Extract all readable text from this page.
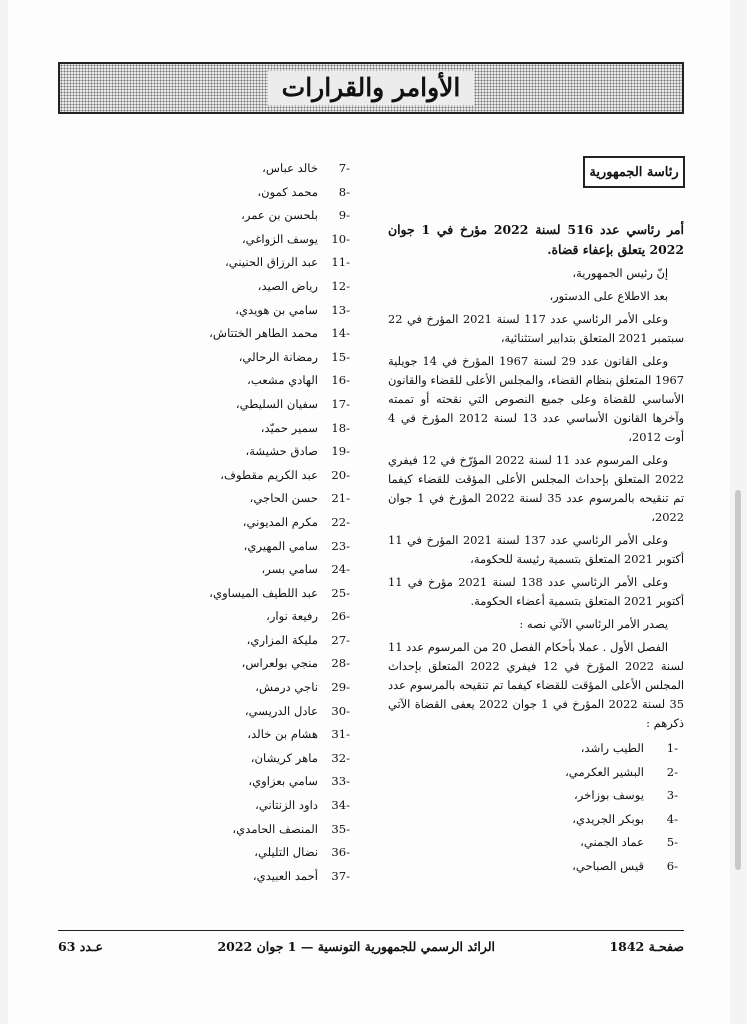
الأوامر والقرارات
رئاسة الجمهورية

أمر رئاسي عدد 516 لسنة 2022 مؤرخ في 1 جوان 2022 يتعلق بإعفاء قضاة.

إنّ رئيس الجمهورية،

بعد الاطلاع على الدستور،

وعلى الأمر الرئاسي عدد 117 لسنة 2021 المؤرخ في 22 سبتمبر 2021 المتعلق بتدابير استثنائية،

وعلى القانون عدد 29 لسنة 1967 المؤرخ في 14 جويلية 1967 المتعلق بنظام القضاء، والمجلس الأعلى للقضاء والقانون الأساسي للقضاة وعلى جميع النصوص التي نقحته أو تممته وآخرها القانون الأساسي عدد 13 لسنة 2012 المؤرخ في 4 أوت 2012،

وعلى المرسوم عدد 11 لسنة 2022 المؤرّخ في 12 فيفري 2022 المتعلق بإحداث المجلس الأعلى المؤقت للقضاء كيفما تم تنقيحه بالمرسوم عدد 35 لسنة 2022 المؤرخ في 1 جوان 2022،

وعلى الأمر الرئاسي عدد 137 لسنة 2021 المؤرخ في 11 أكتوبر 2021 المتعلق بتسمية رئيسة للحكومة،

وعلى الأمر الرئاسي عدد 138 لسنة 2021 مؤرخ في 11 أكتوبر 2021 المتعلق بتسمية أعضاء الحكومة.

يصدر الأمر الرئاسي الآتي نصه :

الفصل الأول . عملا بأحكام الفصل 20 من المرسوم عدد 11 لسنة 2022 المؤرخ في 12 فيفري 2022 المتعلق بإحداث المجلس الأعلى المؤقت للقضاء كيفما تم تنقيحه بالمرسوم عدد 35 لسنة 2022 المؤرخ في 1 جوان 2022 يعفى القضاة الآتي ذكرهم :

-1
الطيب راشد،
-2
البشير العكرمي،
-3
يوسف بوزاخر،
-4
بوبكر الجريدي،
-5
عماد الجمني،
-6
قيس الصباحي،
-7
خالد عباس،
-8
محمد كمون،
-9
بلحسن بن عمر،
-10
يوسف الزواغي،
-11
عبد الرزاق الحنيني،
-12
رياض الصيد،
-13
سامي بن هويدي،
-14
محمد الطاهر الختتاش،
-15
رمضانة الرحالي،
-16
الهادي مشعب،
-17
سفيان السليطي،
-18
سمير حميّد،
-19
صادق حشيشة،
-20
عبد الكريم مقطوف،
-21
حسن الحاجي،
-22
مكرم المديوني،
-23
سامي المهيري،
-24
سامي بسر،
-25
عبد اللطيف الميساوي،
-26
رفيعة نوار،
-27
مليكة المزاري،
-28
منجي بولعراس،
-29
ناجي درمش،
-30
عادل الدريسي،
-31
هشام بن خالد،
-32
ماهر كريشان،
-33
سامي بعزاوي،
-34
داود الزنتاني،
-35
المنصف الحامدي،
-36
نضال التليلي،
-37
أحمد العبيدي،
عـدد 63	الرائد الرسمي للجمهورية التونسية — 1 جوان 2022	صفحـة 1842
